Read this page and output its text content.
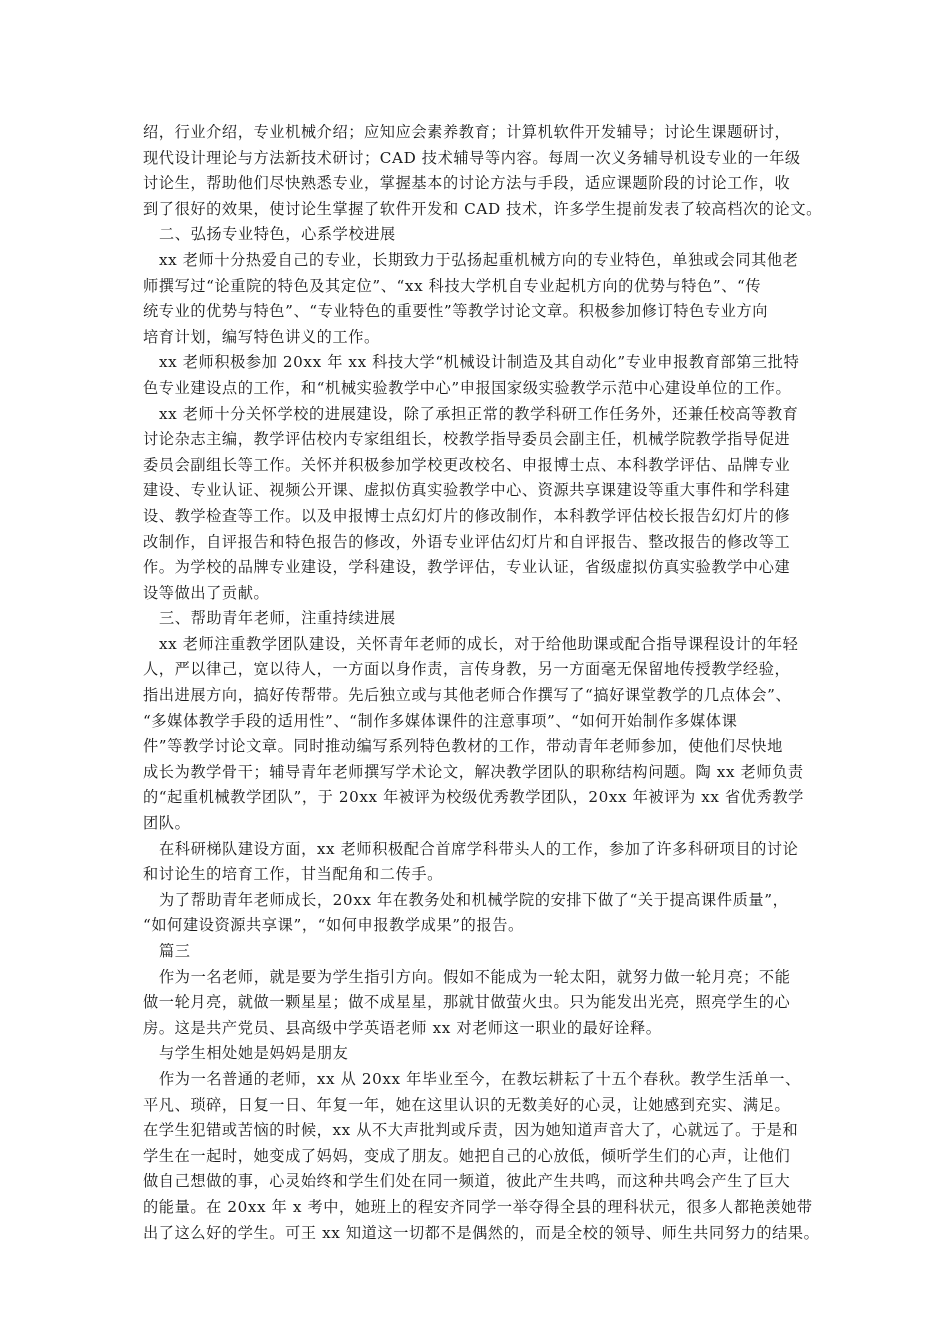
绍，行业介绍，专业机械介绍；应知应会素养教育；计算机软件开发辅导；讨论生课题研讨，
现代设计理论与方法新技术研讨；CAD 技术辅导等内容。每周一次义务辅导机设专业的一年级
讨论生，帮助他们尽快熟悉专业，掌握基本的讨论方法与手段，适应课题阶段的讨论工作，收
到了很好的效果，使讨论生掌握了软件开发和 CAD 技术，许多学生提前发表了较高档次的论文。
二、弘扬专业特色，心系学校进展
xx 老师十分热爱自己的专业，长期致力于弘扬起重机械方向的专业特色，单独或会同其他老
师撰写过“论重院的特色及其定位”、“xx 科技大学机自专业起机方向的优势与特色”、“传
统专业的优势与特色”、“专业特色的重要性”等教学讨论文章。积极参加修订特色专业方向
培育计划，编写特色讲义的工作。
xx 老师积极参加 20xx 年 xx 科技大学“机械设计制造及其自动化”专业申报教育部第三批特
色专业建设点的工作，和“机械实验教学中心”申报国家级实验教学示范中心建设单位的工作。
xx 老师十分关怀学校的进展建设，除了承担正常的教学科研工作任务外，还兼任校高等教育
讨论杂志主编，教学评估校内专家组组长，校教学指导委员会副主任，机械学院教学指导促进
委员会副组长等工作。关怀并积极参加学校更改校名、申报博士点、本科教学评估、品牌专业
建设、专业认证、视频公开课、虚拟仿真实验教学中心、资源共享课建设等重大事件和学科建
设、教学检查等工作。以及申报博士点幻灯片的修改制作，本科教学评估校长报告幻灯片的修
改制作，自评报告和特色报告的修改，外语专业评估幻灯片和自评报告、整改报告的修改等工
作。为学校的品牌专业建设，学科建设，教学评估，专业认证，省级虚拟仿真实验教学中心建
设等做出了贡献。
三、帮助青年老师，注重持续进展
xx 老师注重教学团队建设，关怀青年老师的成长，对于给他助课或配合指导课程设计的年轻
人，严以律己，宽以待人，一方面以身作责，言传身教，另一方面毫无保留地传授教学经验，
指出进展方向，搞好传帮带。先后独立或与其他老师合作撰写了“搞好课堂教学的几点体会”、
“多媒体教学手段的适用性”、“制作多媒体课件的注意事项”、“如何开始制作多媒体课
件”等教学讨论文章。同时推动编写系列特色教材的工作，带动青年老师参加，使他们尽快地
成长为教学骨干；辅导青年老师撰写学术论文，解决教学团队的职称结构问题。陶 xx 老师负责
的“起重机械教学团队”，于 20xx 年被评为校级优秀教学团队，20xx 年被评为 xx 省优秀教学
团队。
在科研梯队建设方面，xx 老师积极配合首席学科带头人的工作，参加了许多科研项目的讨论
和讨论生的培育工作，甘当配角和二传手。
为了帮助青年老师成长，20xx 年在教务处和机械学院的安排下做了“关于提高课件质量”，
“如何建设资源共享课”，“如何申报教学成果”的报告。
篇三
作为一名老师，就是要为学生指引方向。假如不能成为一轮太阳，就努力做一轮月亮；不能
做一轮月亮，就做一颗星星；做不成星星，那就甘做萤火虫。只为能发出光亮，照亮学生的心
房。这是共产党员、县高级中学英语老师 xx 对老师这一职业的最好诠释。
与学生相处她是妈妈是朋友
作为一名普通的老师，xx 从 20xx 年毕业至今，在教坛耕耘了十五个春秋。教学生活单一、
平凡、琐碎，日复一日、年复一年，她在这里认识的无数美好的心灵，让她感到充实、满足。
在学生犯错或苦恼的时候，xx 从不大声批判或斥责，因为她知道声音大了，心就远了。于是和
学生在一起时，她变成了妈妈，变成了朋友。她把自己的心放低，倾听学生们的心声，让他们
做自己想做的事，心灵始终和学生们处在同一频道，彼此产生共鸣，而这种共鸣会产生了巨大
的能量。在 20xx 年 x 考中，她班上的程安齐同学一举夺得全县的理科状元，很多人都艳羡她带
出了这么好的学生。可王 xx 知道这一切都不是偶然的，而是全校的领导、师生共同努力的结果。
